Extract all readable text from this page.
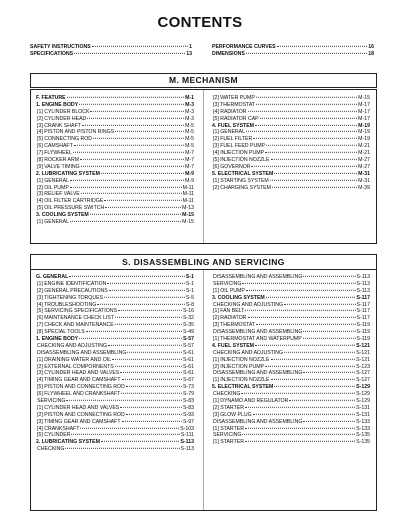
CONTENTS
SAFETY INSTRUCTIONS	1
SPECIFICATIONS	13
PERFORMANCE CURVES	16
DIMENSIONS	18
M. MECHANISM
F. FEATURE	M-1
1. ENGINE BODY	M-3
[1] CYLINDER BLOCK	M-3
[2] CYLINDER HEAD	M-3
[3] CRANK SHAFT	M-5
[4] PISTON AND PISTON RINGS	M-5
[5] CONNECTING ROD	M-5
[6] CAMSHAFT	M-5
[7] FLYWHEEL	M-7
[8] ROCKER ARM	M-7
[9] VALVE TIMING	M-7
2. LUBRICATING SYSTEM	M-9
[1] GENERAL	M-9
[2] OIL PUMP	M-11
[3] RELIEF VALVE	M-11
[4] OIL FILTER CARTRIDGE	M-11
[5] OIL PRESSURE SWITCH	M-13
3. COOLING SYSTEM	M-15
[1] GENERAL	M-15
[2] WATER PUMP	M-15
[3] THERMOSTAT	M-17
[4] RADIATOR	M-17
[5] RADIATOR CAP	M-17
4. FUEL SYSTEM	M-19
[1] GENERAL	M-19
[2] FUEL FILTER	M-19
[3] FUEL FEED PUMP	M-21
[4] INJECTION PUMP	M-21
[5] INJECTION NOZZLE	M-27
[6] GOVERNOR	M-27
5. ELECTRICAL SYSTEM	M-31
[1] STARTING SYSTEM	M-31
[2] CHARGING SYSTEM	M-39
S. DISASSEMBLING AND SERVICING
G. GENERAL	S-1
[1] ENGINE IDENTIFICATION	S-1
[2] GENERAL PRECAUTIONS	S-1
[3] TIGHTENING TORQUES	S-5
[4] TROUBLESHOOTING	S-8
[5] SERVICING SPECIFICATIONS	S-16
[6] MAINTENANCE CHECK LIST	S-32
[7] CHECK AND MAINTENANCE	S-35
[8] SPECIAL TOOLS	S-49
1. ENGINE BODY	S-57
CHECKING AND ADJUSTING	S-57
DISASSEMBLING AND ASSEMBLING	S-61
[1] DRAINING WATER AND OIL	S-61
[2] EXTERNAL COMPORNENTS	S-61
[3] CYLINDER HEAD AND VALVES	S-61
[4] TIMING GEAR AND CAMSHAFT	S-67
[5] PISTON AND CONNECTING ROD	S-73
[6] FLYWHEEL AND CRANKSHAFT	S-79
SERVICING	S-83
[1] CYLINDER HEAD AND VALVES	S-83
[2] PISTON AND CONNECTING ROD	S-93
[3] TIMING GEAR AND CAMSHAFT	S-97
[4] CRANKSHAFT	S-103
[5] CYLINDER	S-111
2. LUBRICATING SYSTEM	S-113
CHECKING	S-113
DISASSEMBLING AND ASSEMBLING	S-113
SERVICING	S-113
[1] OIL PUMP	S-113
3. COOLING SYSTEM	S-117
CHECKING AND ADJUSTING	S-117
[1] FAN BELT	S-117
[2] RADIATOR	S-117
[3] THERMOSTAT	S-119
DISASSEMBLING AND ASSEMBLING	S-119
[1] THERMOSTAT AND WATERPUMP	S-119
4. FUEL SYSTEM	S-121
CHECKING AND ADJUSTING	S-121
[1] INJECTION NOZZLE	S-121
[2] INJECTION PUMP	S-123
DISASSEMBLING AND ASSEMBLING	S-127
[1] INJECTION NOZZLE	S-127
5. ELECTRICAL SYSTEM	S-129
CHECKING	S-129
[1] DYNAMO AND REGULATOR	S-129
[2] STARTER	S-131
[3] GLOW PLUG	S-131
DISASSEMBLING AND ASSEMBLING	S-133
[1] STARTER	S-133
SERVICING	S-135
[1] STARTER	S-135
